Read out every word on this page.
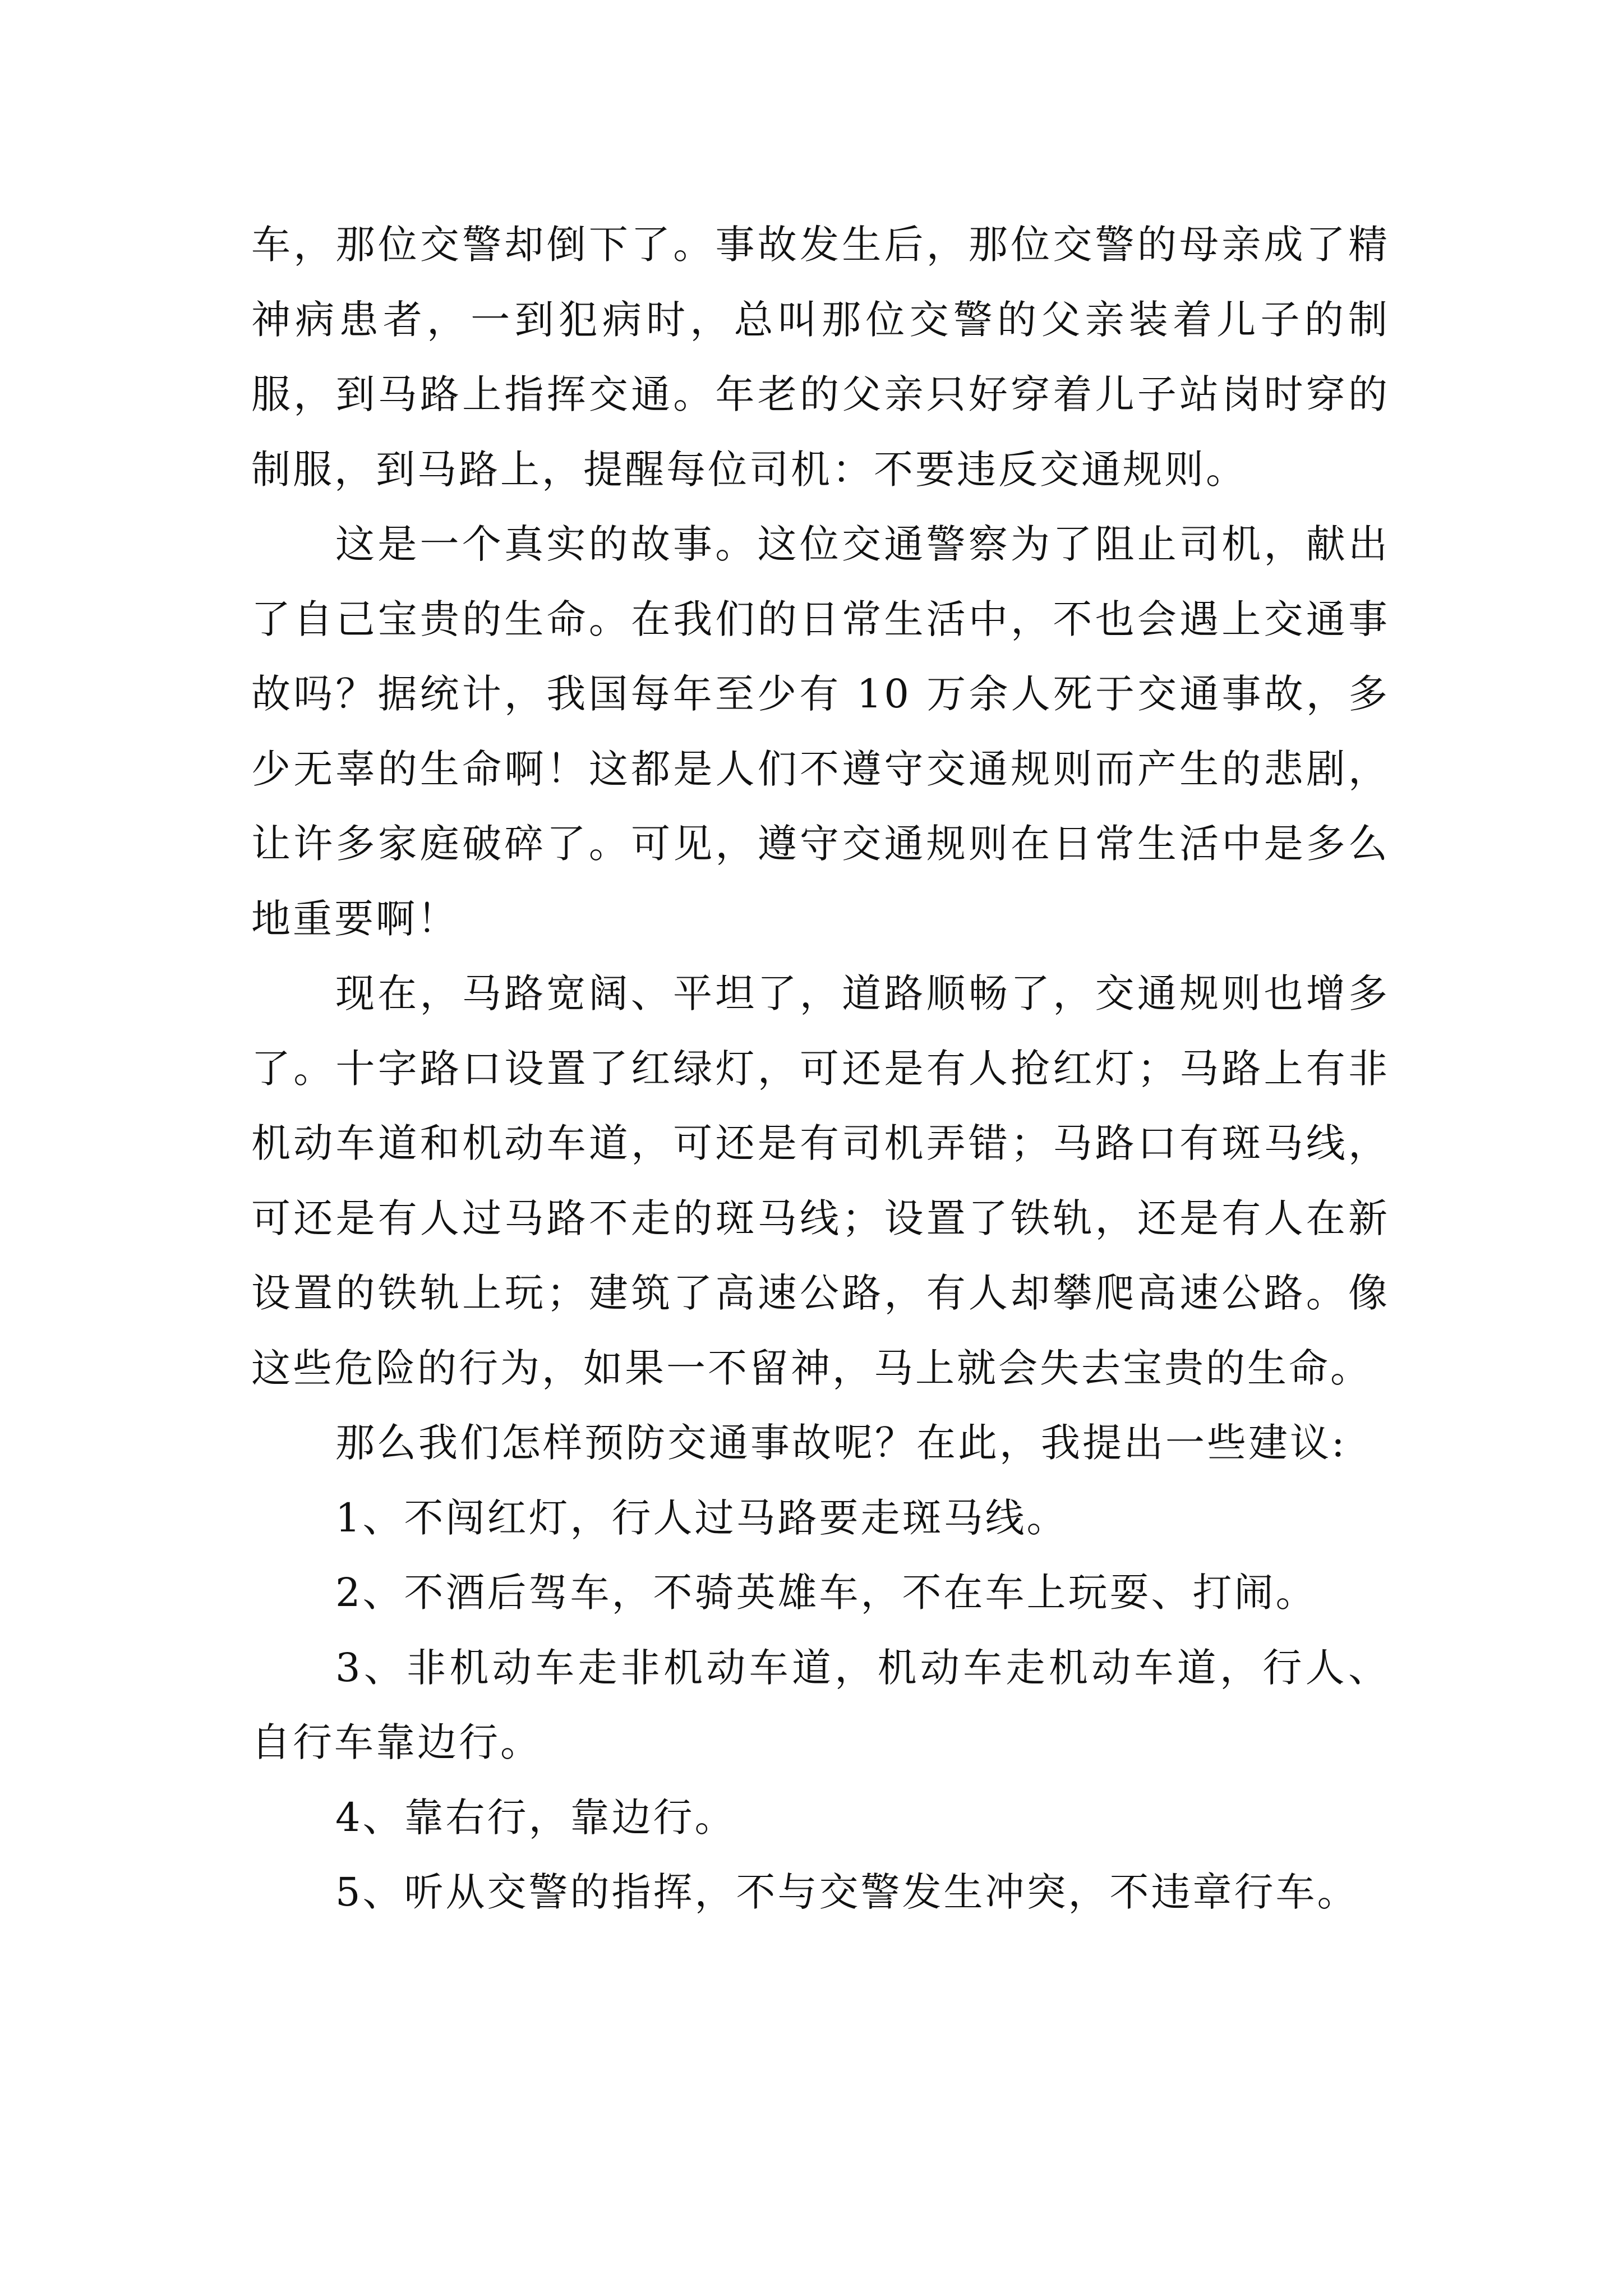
车，那位交警却倒下了。事故发生后，那位交警的母亲成了精神病患者，一到犯病时，总叫那位交警的父亲装着儿子的制服，到马路上指挥交通。年老的父亲只好穿着儿子站岗时穿的制服，到马路上，提醒每位司机：不要违反交通规则。

这是一个真实的故事。这位交通警察为了阻止司机，献出了自己宝贵的生命。在我们的日常生活中，不也会遇上交通事故吗？据统计，我国每年至少有 10 万余人死于交通事故，多少无辜的生命啊！这都是人们不遵守交通规则而产生的悲剧，让许多家庭破碎了。可见，遵守交通规则在日常生活中是多么地重要啊！

现在，马路宽阔、平坦了，道路顺畅了，交通规则也增多了。十字路口设置了红绿灯，可还是有人抢红灯；马路上有非机动车道和机动车道，可还是有司机弄错；马路口有斑马线，可还是有人过马路不走的斑马线；设置了铁轨，还是有人在新设置的铁轨上玩；建筑了高速公路，有人却攀爬高速公路。像这些危险的行为，如果一不留神，马上就会失去宝贵的生命。

那么我们怎样预防交通事故呢？在此，我提出一些建议:

1、不闯红灯，行人过马路要走斑马线。

2、不酒后驾车，不骑英雄车，不在车上玩耍、打闹。

3、非机动车走非机动车道，机动车走机动车道，行人、自行车靠边行。

4、靠右行，靠边行。

5、听从交警的指挥，不与交警发生冲突，不违章行车。
